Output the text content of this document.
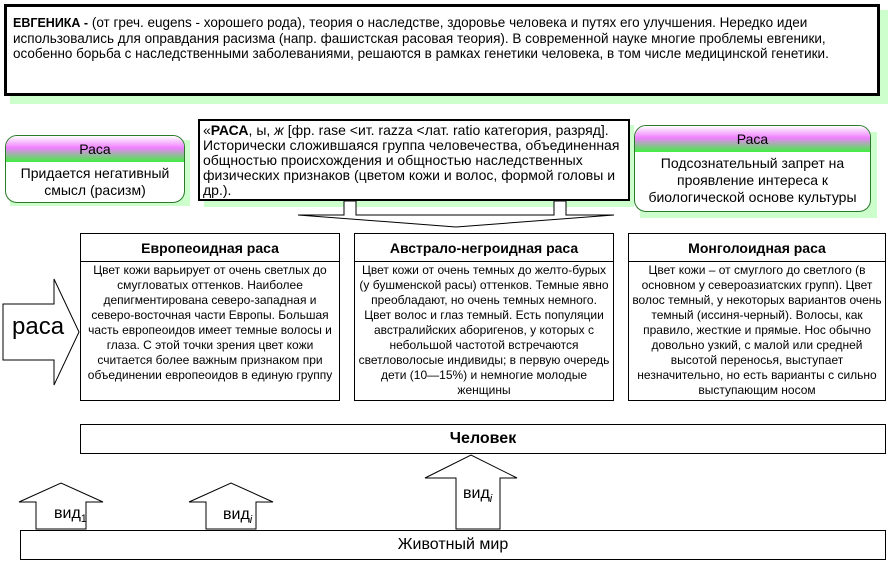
ЕВГЕНИКА - (от греч. eugens - хорошего рода), теория о наследстве, здоровье человека и путях его улучшения. Нередко идеи использовались для оправдания расизма (напр. фашистская расовая теория). В современной науке многие проблемы евгеники, особенно борьба с наследственными заболеваниями, решаются в рамках генетики человека, в том числе медицинской генетики.
Раса
Придается негативный смысл (расизм)
«РАСА, ы, ж [фр. rase <ит. razza <лат. ratio категория, разряд]. Исторически сложившаяся группа человечества, объединенная общностью происхождения и общностью наследственных физических признаков (цветом кожи и волос, формой головы и др.).
Раса
Подсознательный запрет на проявление интереса к биологической основе культуры
раса
Европеоидная раса
Цвет кожи варьирует от очень светлых до смугловатых оттенков. Наиболее депигментирована северо-западная и северо-восточная части Европы. Большая часть европеоидов имеет темные волосы и глаза. С этой точки зрения цвет кожи считается более важным признаком при объединении европеоидов в единую группу
Австрало-негроидная раса
Цвет кожи от очень темных до желто-бурых (у бушменской расы) оттенков. Темные явно преобладают, но очень темных немного. Цвет волос и глаз темный. Есть популяции австралийских аборигенов, у которых с небольшой частотой встречаются светловолосые индивиды; в первую очередь дети (10—15%) и немногие молодые женщины
Монголоидная раса
Цвет кожи – от смуглого до светлого (в основном у североазиатских групп). Цвет волос темный, у некоторых вариантов очень темный (иссиня-черный). Волосы, как правило, жесткие и прямые. Нос обычно довольно узкий, с малой или средней высотой переносья, выступает незначительно, но есть варианты с сильно выступающим носом
Человек
вид$_1$	вид$_i$
вид$_i$
Животный мир
